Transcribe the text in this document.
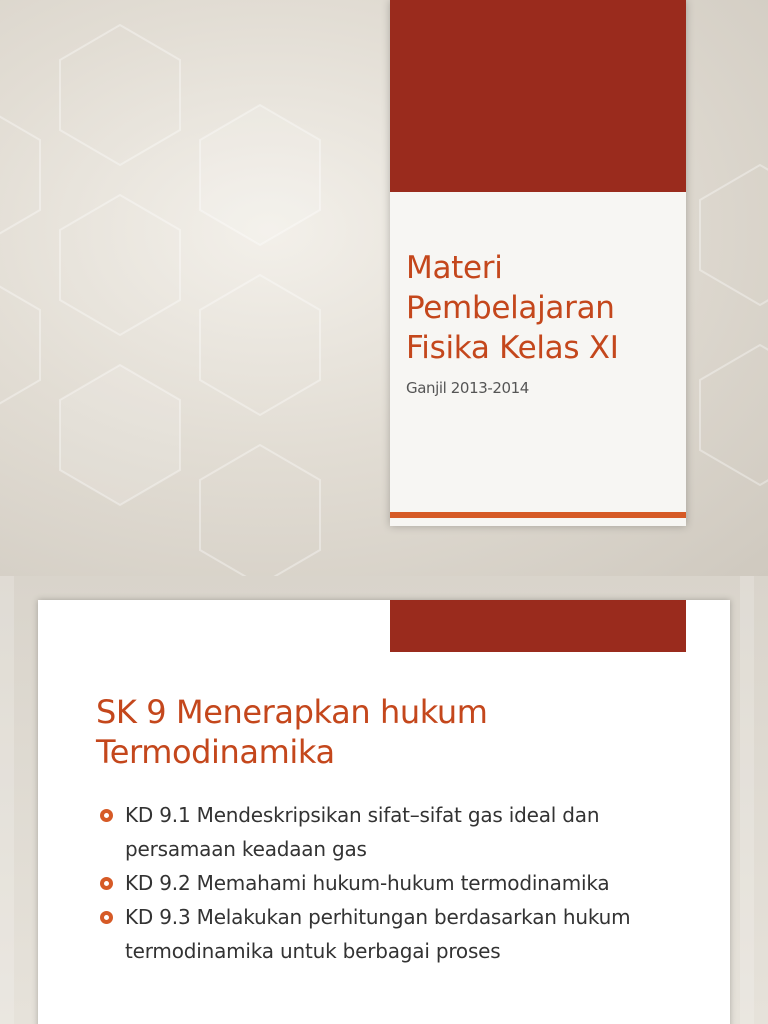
Materi Pembelajaran Fisika Kelas XI
Ganjil 2013-2014
SK 9 Menerapkan hukum Termodinamika
KD 9.1 Mendeskripsikan sifat–sifat gas ideal dan persamaan keadaan gas
KD 9.2 Memahami hukum-hukum termodinamika
KD 9.3 Melakukan perhitungan berdasarkan hukum termodinamika untuk berbagai proses
